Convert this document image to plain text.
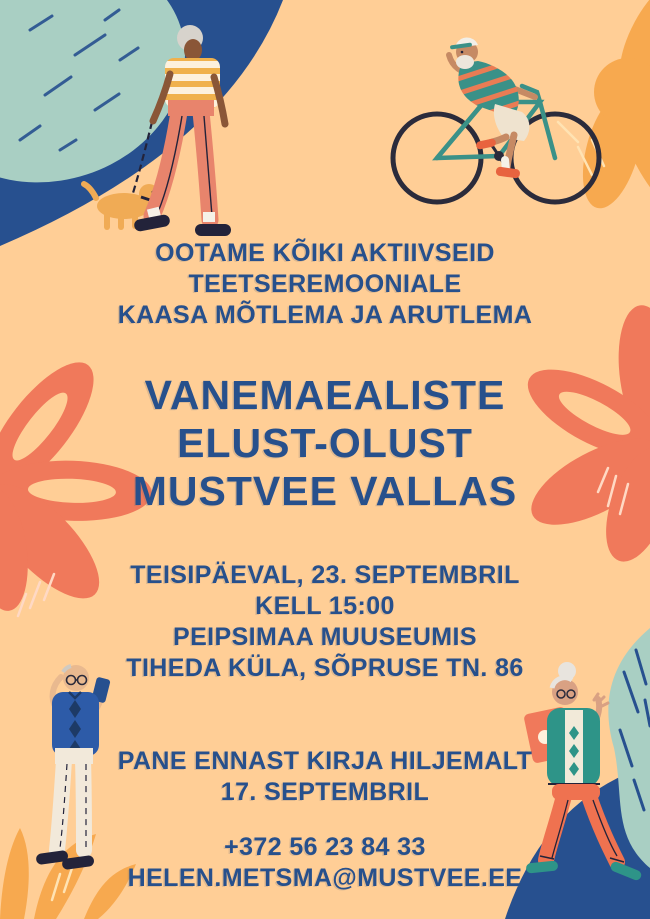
OOTAME KÕIKI AKTIIVSEID
TEETSEREMOONIALE
KAASA MÕTLEMA JA ARUTLEMA
VANEMAEALISTE
ELUST-OLUST
MUSTVEE VALLAS
TEISIPÄEVAL, 23. SEPTEMBRIL
KELL 15:00
PEIPSIMAA MUUSEUMIS
TIHEDA KÜLA, SÕPRUSE TN. 86
PANE ENNAST KIRJA HILJEMALT
17. SEPTEMBRIL
+372 56 23 84 33
HELEN.METSMA@MUSTVEE.EE
